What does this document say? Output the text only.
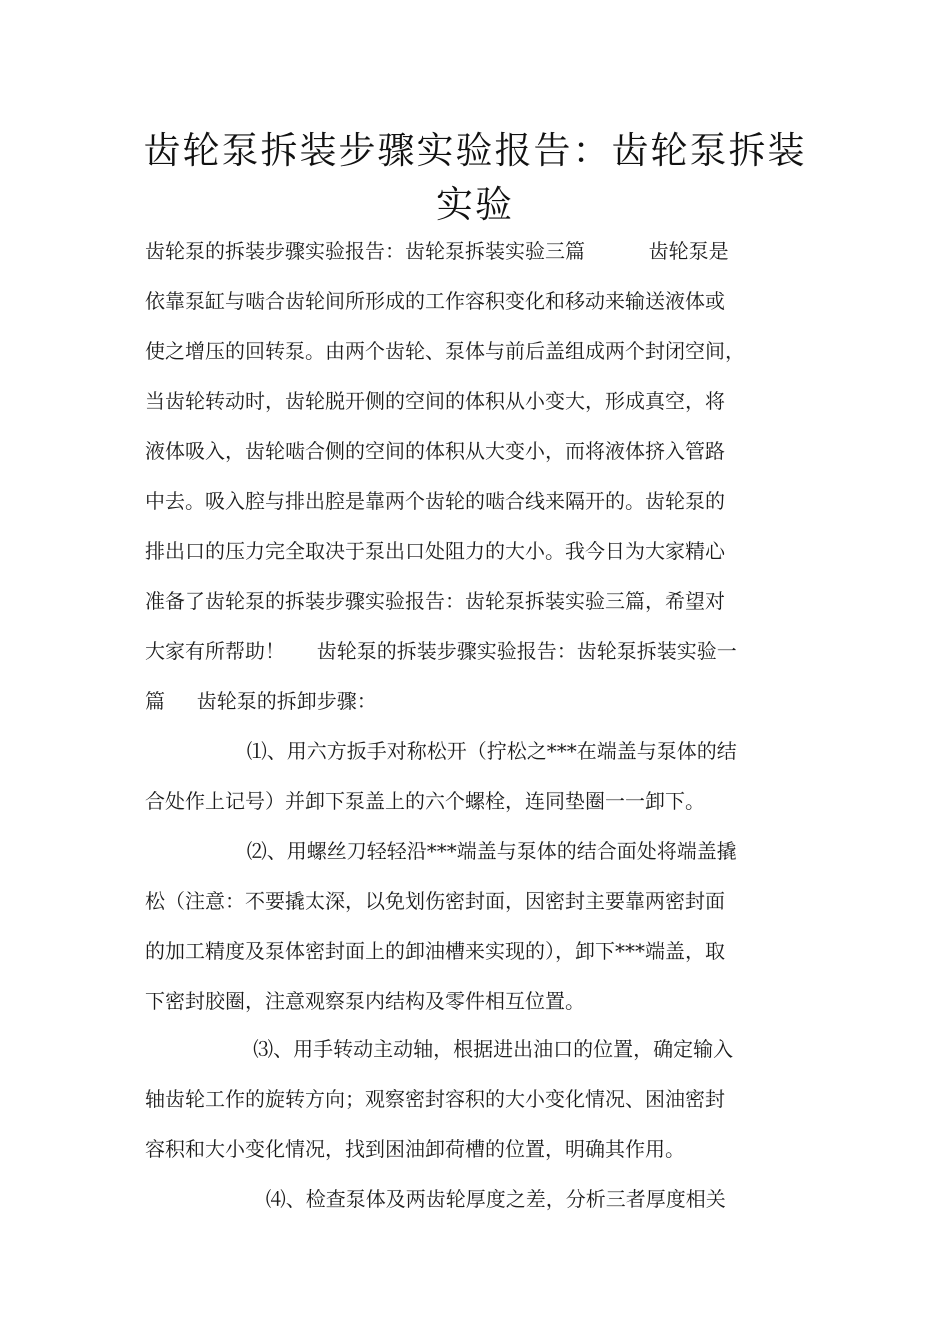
齿轮泵拆装步骤实验报告：齿轮泵拆装
实验
齿轮泵的拆装步骤实验报告：齿轮泵拆装实验三篇          齿轮泵是
依靠泵缸与啮合齿轮间所形成的工作容积变化和移动来输送液体或
使之增压的回转泵。由两个齿轮、泵体与前后盖组成两个封闭空间，
当齿轮转动时，齿轮脱开侧的空间的体积从小变大，形成真空，将
液体吸入，齿轮啮合侧的空间的体积从大变小，而将液体挤入管路
中去。吸入腔与排出腔是靠两个齿轮的啮合线来隔开的。齿轮泵的
排出口的压力完全取决于泵出口处阻力的大小。我今日为大家精心
准备了齿轮泵的拆装步骤实验报告：齿轮泵拆装实验三篇，希望对
大家有所帮助！     齿轮泵的拆装步骤实验报告：齿轮泵拆装实验一
篇     齿轮泵的拆卸步骤：
⑴、用六方扳手对称松开（拧松之***在端盖与泵体的结
合处作上记号）并卸下泵盖上的六个螺栓，连同垫圈一一卸下。
⑵、用螺丝刀轻轻沿***端盖与泵体的结合面处将端盖撬
松（注意：不要撬太深，以免划伤密封面，因密封主要靠两密封面
的加工精度及泵体密封面上的卸油槽来实现的），卸下***端盖，取
下密封胶圈，注意观察泵内结构及零件相互位置。
⑶、用手转动主动轴，根据进出油口的位置，确定输入
轴齿轮工作的旋转方向；观察密封容积的大小变化情况、困油密封
容积和大小变化情况，找到困油卸荷槽的位置，明确其作用。
⑷、检查泵体及两齿轮厚度之差，分析三者厚度相关
